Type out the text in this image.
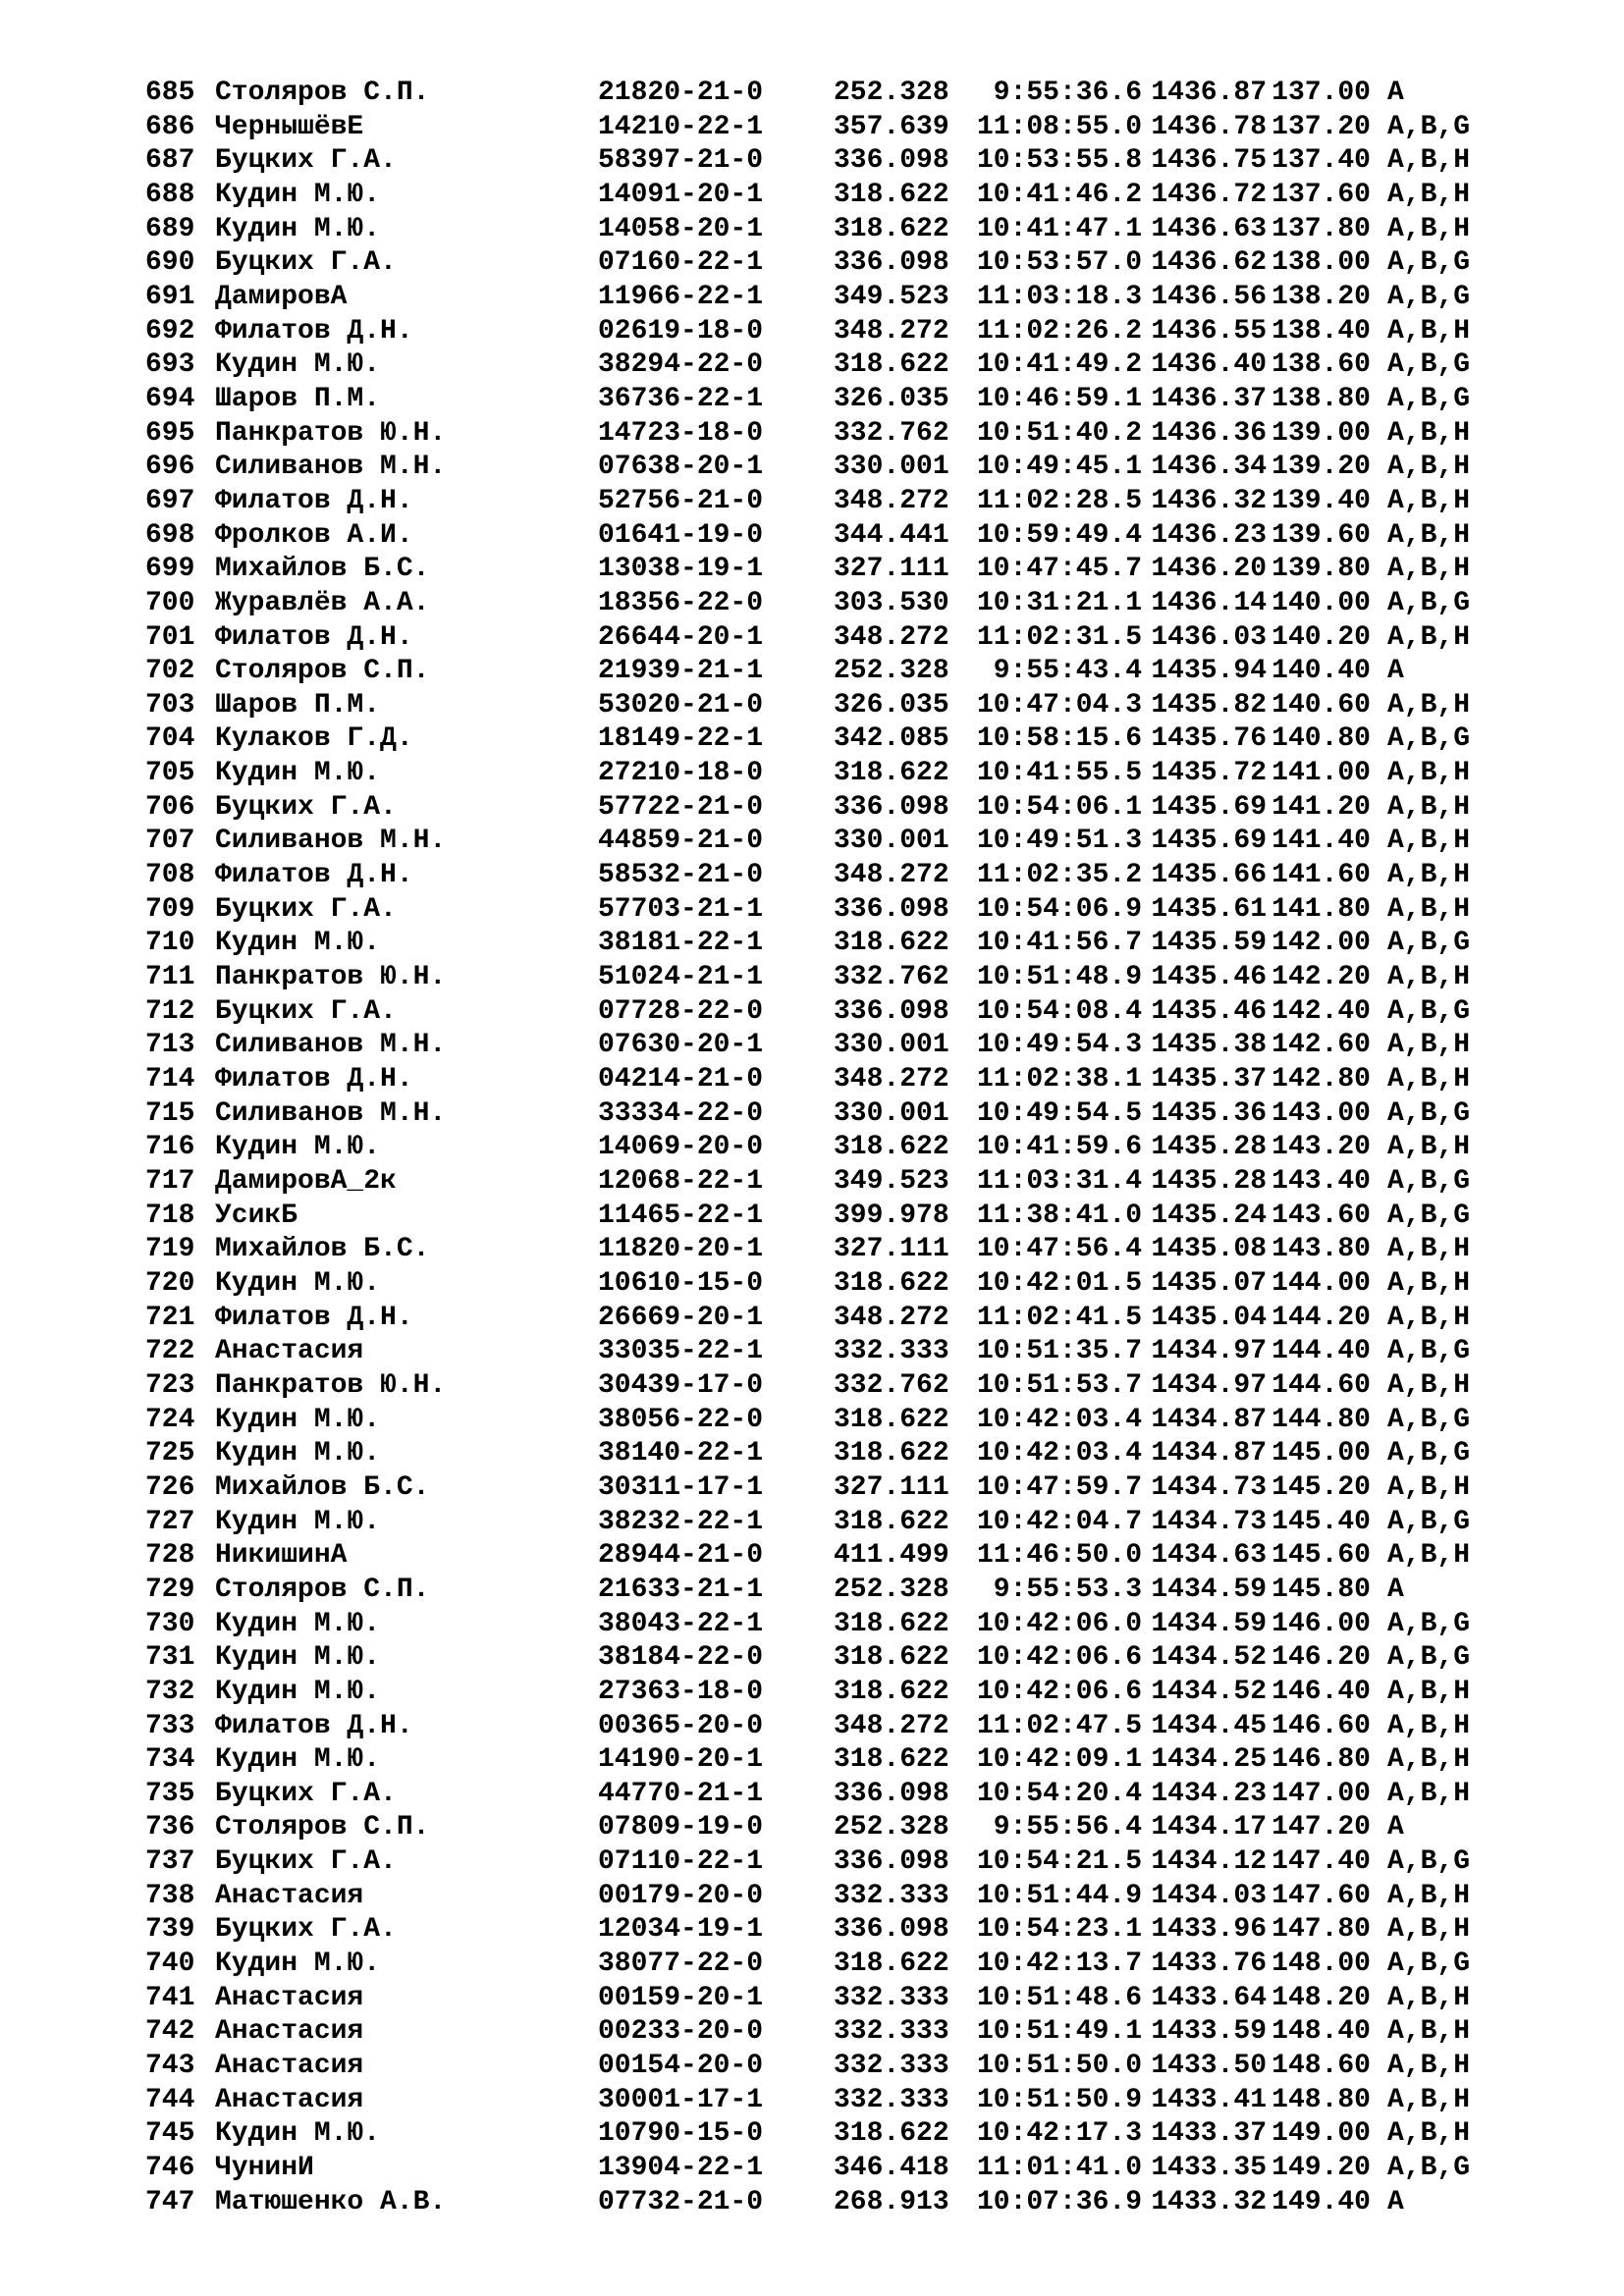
685 Столяров С.П.	21820-21-0	252.328	9:55:36.6 1436.87 137.00 A
686 ЧернышёвЕ	14210-22-1	357.639	11:08:55.0 1436.78 137.20 A,B,G
687 Буцких Г.А.	58397-21-0	336.098	10:53:55.8 1436.75 137.40 A,B,H
688 Кудин М.Ю.	14091-20-1	318.622	10:41:46.2 1436.72 137.60 A,B,H
689 Кудин М.Ю.	14058-20-1	318.622	10:41:47.1 1436.63 137.80 A,B,H
690 Буцких Г.А.	07160-22-1	336.098	10:53:57.0 1436.62 138.00 A,B,G
691 ДамировА	11966-22-1	349.523	11:03:18.3 1436.56 138.20 A,B,G
692 Филатов Д.Н.	02619-18-0	348.272	11:02:26.2 1436.55 138.40 A,B,H
693 Кудин М.Ю.	38294-22-0	318.622	10:41:49.2 1436.40 138.60 A,B,G
694 Шаров П.М.	36736-22-1	326.035	10:46:59.1 1436.37 138.80 A,B,G
695 Панкратов Ю.Н.	14723-18-0	332.762	10:51:40.2 1436.36 139.00 A,B,H
696 Силиванов М.Н.	07638-20-1	330.001	10:49:45.1 1436.34 139.20 A,B,H
697 Филатов Д.Н.	52756-21-0	348.272	11:02:28.5 1436.32 139.40 A,B,H
698 Фролков А.И.	01641-19-0	344.441	10:59:49.4 1436.23 139.60 A,B,H
699 Михайлов Б.С.	13038-19-1	327.111	10:47:45.7 1436.20 139.80 A,B,H
700 Журавлёв А.А.	18356-22-0	303.530	10:31:21.1 1436.14 140.00 A,B,G
701 Филатов Д.Н.	26644-20-1	348.272	11:02:31.5 1436.03 140.20 A,B,H
702 Столяров С.П.	21939-21-1	252.328	9:55:43.4 1435.94 140.40 A
703 Шаров П.М.	53020-21-0	326.035	10:47:04.3 1435.82 140.60 A,B,H
704 Кулаков Г.Д.	18149-22-1	342.085	10:58:15.6 1435.76 140.80 A,B,G
705 Кудин М.Ю.	27210-18-0	318.622	10:41:55.5 1435.72 141.00 A,B,H
706 Буцких Г.А.	57722-21-0	336.098	10:54:06.1 1435.69 141.20 A,B,H
707 Силиванов М.Н.	44859-21-0	330.001	10:49:51.3 1435.69 141.40 A,B,H
708 Филатов Д.Н.	58532-21-0	348.272	11:02:35.2 1435.66 141.60 A,B,H
709 Буцких Г.А.	57703-21-1	336.098	10:54:06.9 1435.61 141.80 A,B,H
710 Кудин М.Ю.	38181-22-1	318.622	10:41:56.7 1435.59 142.00 A,B,G
711 Панкратов Ю.Н.	51024-21-1	332.762	10:51:48.9 1435.46 142.20 A,B,H
712 Буцких Г.А.	07728-22-0	336.098	10:54:08.4 1435.46 142.40 A,B,G
713 Силиванов М.Н.	07630-20-1	330.001	10:49:54.3 1435.38 142.60 A,B,H
714 Филатов Д.Н.	04214-21-0	348.272	11:02:38.1 1435.37 142.80 A,B,H
715 Силиванов М.Н.	33334-22-0	330.001	10:49:54.5 1435.36 143.00 A,B,G
716 Кудин М.Ю.	14069-20-0	318.622	10:41:59.6 1435.28 143.20 A,B,H
717 ДамировА_2к	12068-22-1	349.523	11:03:31.4 1435.28 143.40 A,B,G
718 УсикБ	11465-22-1	399.978	11:38:41.0 1435.24 143.60 A,B,G
719 Михайлов Б.С.	11820-20-1	327.111	10:47:56.4 1435.08 143.80 A,B,H
720 Кудин М.Ю.	10610-15-0	318.622	10:42:01.5 1435.07 144.00 A,B,H
721 Филатов Д.Н.	26669-20-1	348.272	11:02:41.5 1435.04 144.20 A,B,H
722 Анастасия	33035-22-1	332.333	10:51:35.7 1434.97 144.40 A,B,G
723 Панкратов Ю.Н.	30439-17-0	332.762	10:51:53.7 1434.97 144.60 A,B,H
724 Кудин М.Ю.	38056-22-0	318.622	10:42:03.4 1434.87 144.80 A,B,G
725 Кудин М.Ю.	38140-22-1	318.622	10:42:03.4 1434.87 145.00 A,B,G
726 Михайлов Б.С.	30311-17-1	327.111	10:47:59.7 1434.73 145.20 A,B,H
727 Кудин М.Ю.	38232-22-1	318.622	10:42:04.7 1434.73 145.40 A,B,G
728 НикишинА	28944-21-0	411.499	11:46:50.0 1434.63 145.60 A,B,H
729 Столяров С.П.	21633-21-1	252.328	9:55:53.3 1434.59 145.80 A
730 Кудин М.Ю.	38043-22-1	318.622	10:42:06.0 1434.59 146.00 A,B,G
731 Кудин М.Ю.	38184-22-0	318.622	10:42:06.6 1434.52 146.20 A,B,G
732 Кудин М.Ю.	27363-18-0	318.622	10:42:06.6 1434.52 146.40 A,B,H
733 Филатов Д.Н.	00365-20-0	348.272	11:02:47.5 1434.45 146.60 A,B,H
734 Кудин М.Ю.	14190-20-1	318.622	10:42:09.1 1434.25 146.80 A,B,H
735 Буцких Г.А.	44770-21-1	336.098	10:54:20.4 1434.23 147.00 A,B,H
736 Столяров С.П.	07809-19-0	252.328	9:55:56.4 1434.17 147.20 A
737 Буцких Г.А.	07110-22-1	336.098	10:54:21.5 1434.12 147.40 A,B,G
738 Анастасия	00179-20-0	332.333	10:51:44.9 1434.03 147.60 A,B,H
739 Буцких Г.А.	12034-19-1	336.098	10:54:23.1 1433.96 147.80 A,B,H
740 Кудин М.Ю.	38077-22-0	318.622	10:42:13.7 1433.76 148.00 A,B,G
741 Анастасия	00159-20-1	332.333	10:51:48.6 1433.64 148.20 A,B,H
742 Анастасия	00233-20-0	332.333	10:51:49.1 1433.59 148.40 A,B,H
743 Анастасия	00154-20-0	332.333	10:51:50.0 1433.50 148.60 A,B,H
744 Анастасия	30001-17-1	332.333	10:51:50.9 1433.41 148.80 A,B,H
745 Кудин М.Ю.	10790-15-0	318.622	10:42:17.3 1433.37 149.00 A,B,H
746 ЧунинИ	13904-22-1	346.418	11:01:41.0 1433.35 149.20 A,B,G
747 Матюшенко А.В.	07732-21-0	268.913	10:07:36.9 1433.32 149.40 A
